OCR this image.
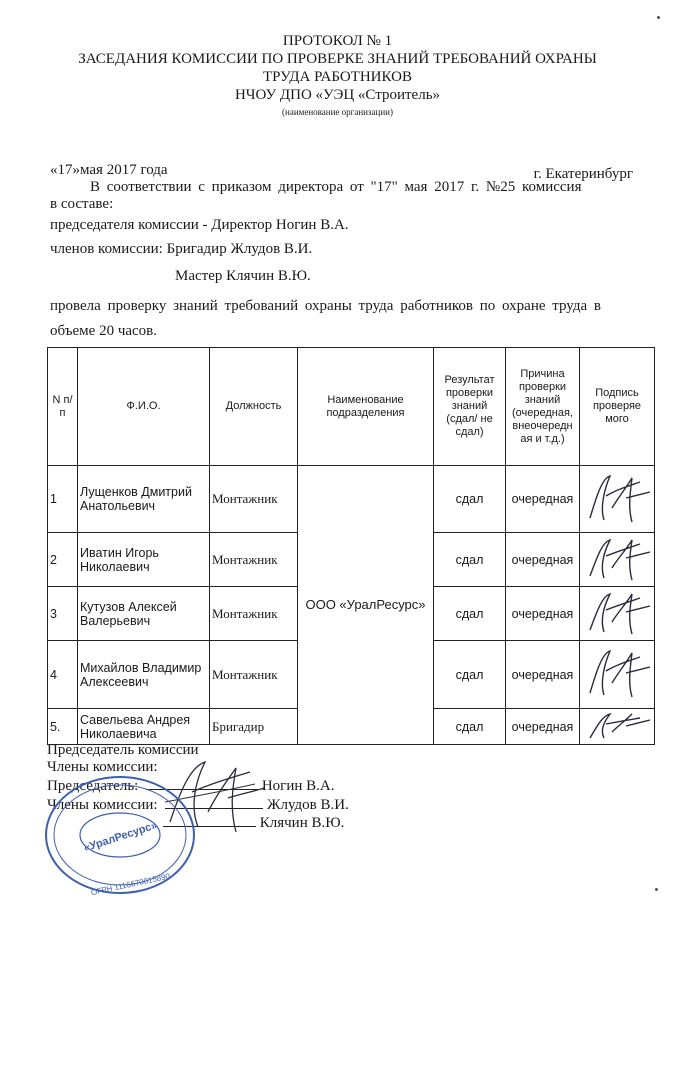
ПРОТОКОЛ № 1
ЗАСЕДАНИЯ КОМИССИИ ПО ПРОВЕРКЕ ЗНАНИЙ ТРЕБОВАНИЙ ОХРАНЫ
ТРУДА РАБОТНИКОВ
НЧОУ ДПО «УЭЦ «Строитель»
(наименование организации)
«17»мая 2017 года	г. Екатеринбург
В соответствии с приказом директора от "17" мая 2017 г. №25 комиссия
в составе:
председателя комиссии - Директор Ногин В.А.
членов комиссии: Бригадир Жлудов В.И.
Мастер Клячин В.Ю.
провела проверку знаний требований охраны труда работников по охране труда в
объеме 20 часов.
N п/п	Ф.И.О.	Должность	Наименование подразделения	Результат проверки знаний (сдал/ не сдал)	Причина проверки знаний (очередная, внеочередн ая и т.д.)	Подпись проверяе мого
1	Лущенков Дмитрий Анатольевич	Монтажник	ООО «УралРесурс»	сдал	очередная	
2	Иватин Игорь Николаевич	Монтажник		сдал	очередная	
3	Кутузов Алексей Валерьевич	Монтажник		сдал	очередная	
4	Михайлов Владимир Алексеевич	Монтажник		сдал	очередная	
5.	Савельева Андрея Николаевича	Бригадир		сдал	очередная	
Председатель комиссии
Члены комиссии:
Председатель:	Ногин В.А.
Члены комиссии:	Жлудов В.И.
Клячин В.Ю.
«УралРесурс»
ОГРН 1116670015890
